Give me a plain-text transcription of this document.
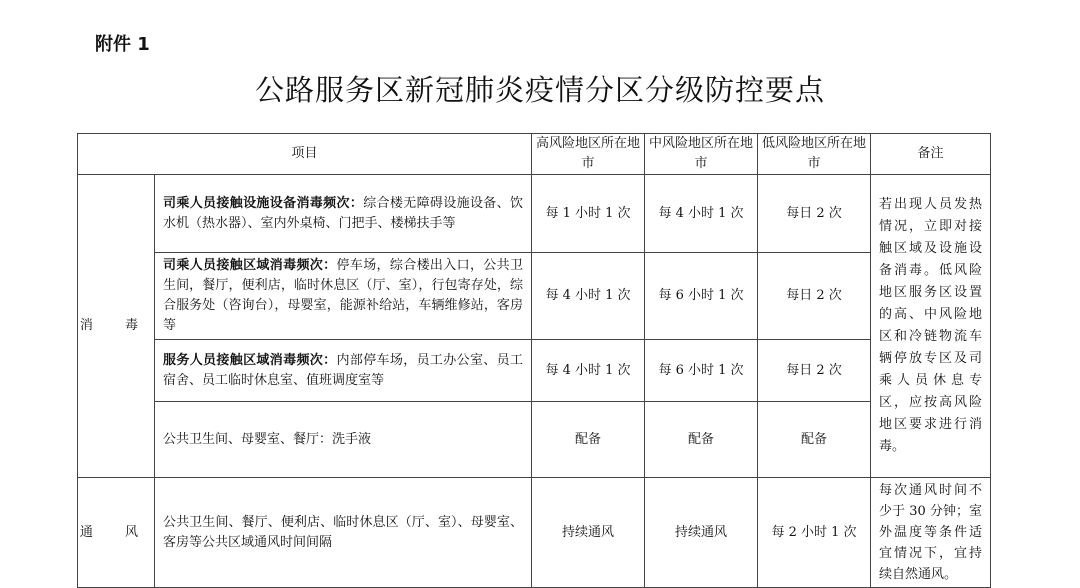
附件 1
公路服务区新冠肺炎疫情分区分级防控要点
项目		高风险地区所在地市	中风险地区所在地市	低风险地区所在地市	备注
消 毒	司乘人员接触设施设备消毒频次：综合楼无障碍设施设备、饮水机（热水器）、室内外桌椅、门把手、楼梯扶手等	每 1 小时 1 次	每 4 小时 1 次	每日 2 次	若出现人员发热情况，立即对接触区域及设施设备消毒。低风险地区服务区设置的高、中风险地区和冷链物流车辆停放专区及司乘人员休息专区，应按高风险地区要求进行消毒。
	司乘人员接触区域消毒频次：停车场，综合楼出入口，公共卫生间，餐厅，便利店，临时休息区（厅、室），行包寄存处，综合服务处（咨询台），母婴室，能源补给站，车辆维修站，客房等	每 4 小时 1 次	每 6 小时 1 次	每日 2 次	
	服务人员接触区域消毒频次：内部停车场，员工办公室、员工宿舍、员工临时休息室、值班调度室等	每 4 小时 1 次	每 6 小时 1 次	每日 2 次	
	公共卫生间、母婴室、餐厅：洗手液	配备	配备	配备	
通 风	公共卫生间、餐厅、便利店、临时休息区（厅、室）、母婴室、客房等公共区域通风时间间隔	持续通风	持续通风	每 2 小时 1 次	每次通风时间不少于 30 分钟；室外温度等条件适宜情况下，宜持续自然通风。
